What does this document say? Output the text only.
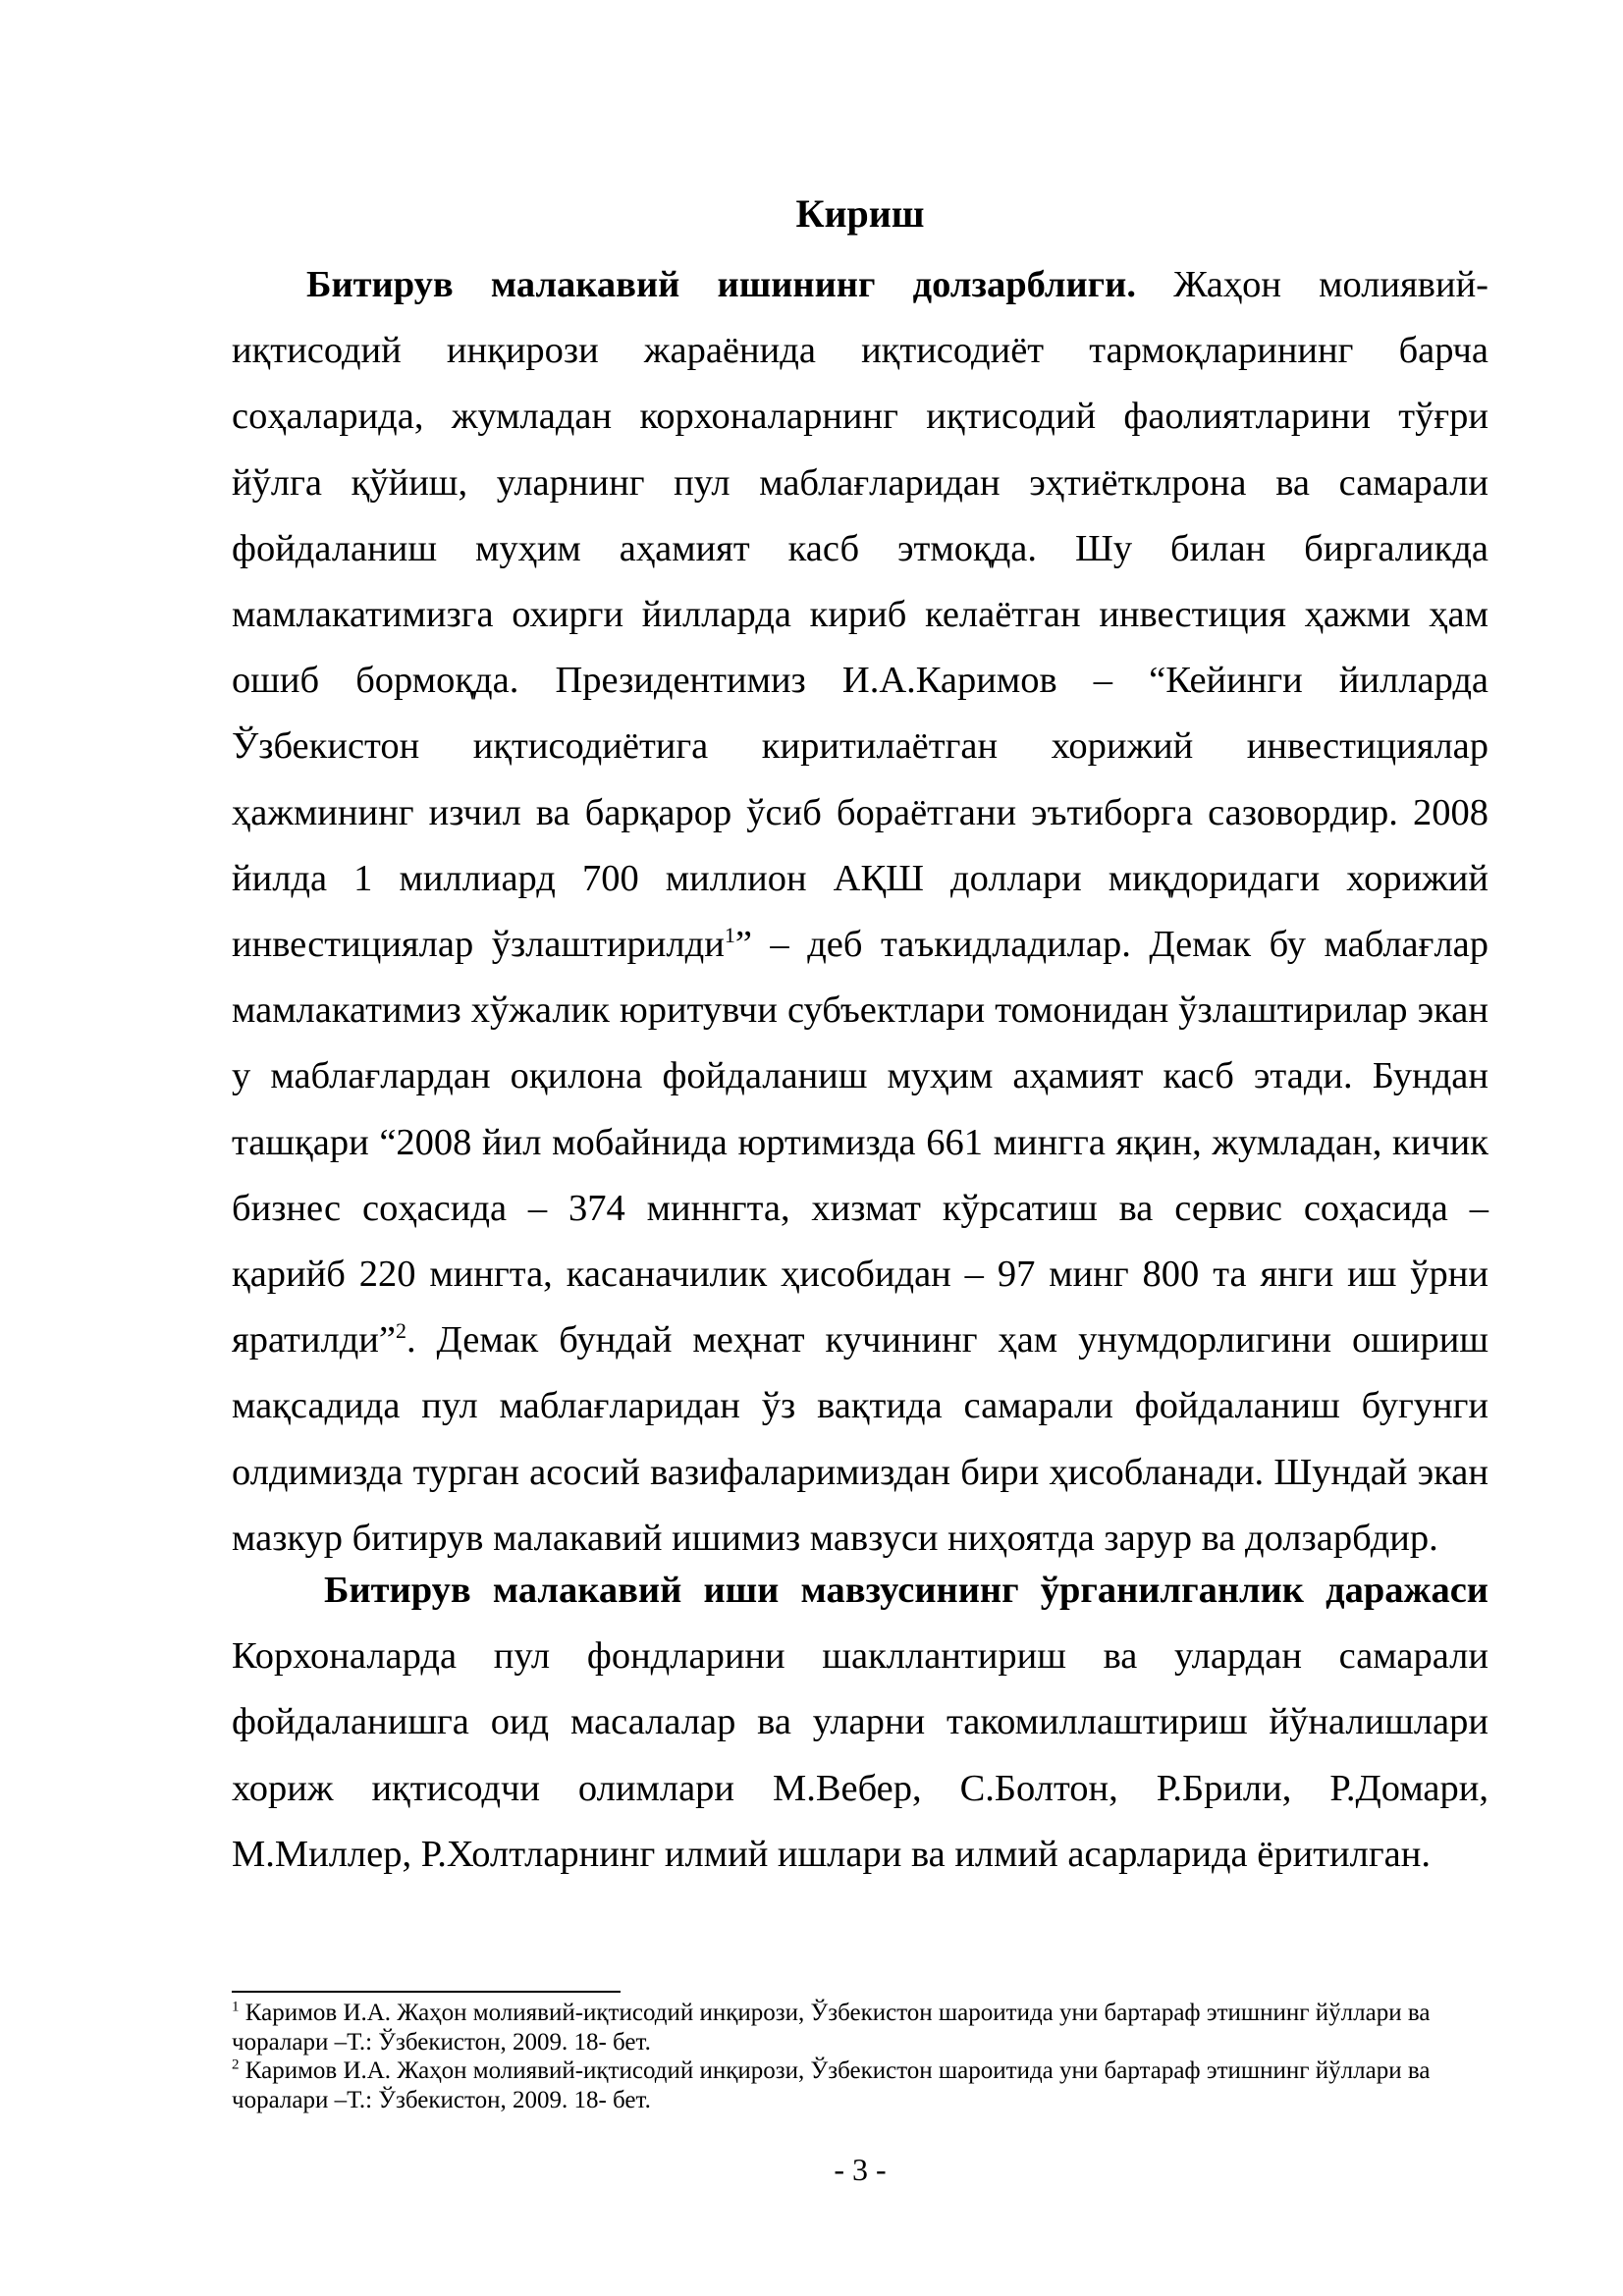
Кириш

Битирув малакавий ишининг долзарблиги. Жаҳон молиявий-иқтисодий инқирози жараёнида иқтисодиёт тармоқларининг барча соҳаларида, жумладан корхоналарнинг иқтисодий фаолиятларини тўғри йўлга қўйиш, уларнинг пул маблағларидан эҳтиётклрона ва самарали фойдаланиш муҳим аҳамият касб этмоқда. Шу билан биргаликда мамлакатимизга охирги йилларда кириб келаётган инвестиция ҳажми ҳам ошиб бормоқда. Президентимиз И.А.Каримов – “Кейинги йилларда Ўзбекистон иқтисодиётига киритилаётган хорижий инвестициялар ҳажмининг изчил ва барқарор ўсиб бораётгани эътиборга сазовордир. 2008 йилда 1 миллиард 700 миллион АҚШ доллари миқдоридаги хорижий инвестициялар ўзлаштирилди$^1$” – деб таъкидладилар. Демак бу маблағлар мамлакатимиз хўжалик юритувчи субъектлари томонидан ўзлаштирилар экан у маблағлардан оқилона фойдаланиш муҳим аҳамият касб этади. Бундан ташқари “2008 йил мобайнида юртимизда 661 мингга яқин, жумладан, кичик бизнес соҳасида – 374 миннгта, хизмат кўрсатиш ва сервис соҳасида – қарийб 220 мингта, касаначилик ҳисобидан – 97 минг 800 та янги иш ўрни яратилди”$^2$. Демак бундай меҳнат кучининг ҳам унумдорлигини ошириш мақсадида пул маблағларидан ўз вақтида самарали фойдаланиш бугунги олдимизда турган асосий вазифаларимиздан бири ҳисобланади. Шундай экан мазкур битирув малакавий ишимиз мавзуси ниҳоятда зарур ва долзарбдир.

Битирув малакавий иши мавзусининг ўрганилганлик даражаси Корхоналарда пул фондларини шакллантириш ва улардан самарали фойдаланишга оид масалалар ва уларни такомиллаштириш йўналишлари хориж иқтисодчи олимлари М.Вебер, С.Болтон, Р.Брили, Р.Домари, М.Миллер, Р.Холтларнинг илмий ишлари ва илмий асарларида ёритилган.

$^1$ Каримов И.А. Жаҳон молиявий-иқтисодий инқирози, Ўзбекистон шароитида уни бартараф этишнинг йўллари ва чоралари –Т.: Ўзбекистон, 2009. 18- бет.

$^2$ Каримов И.А. Жаҳон молиявий-иқтисодий инқирози, Ўзбекистон шароитида уни бартараф этишнинг йўллари ва чоралари –Т.: Ўзбекистон, 2009. 18- бет.

- 3 -
